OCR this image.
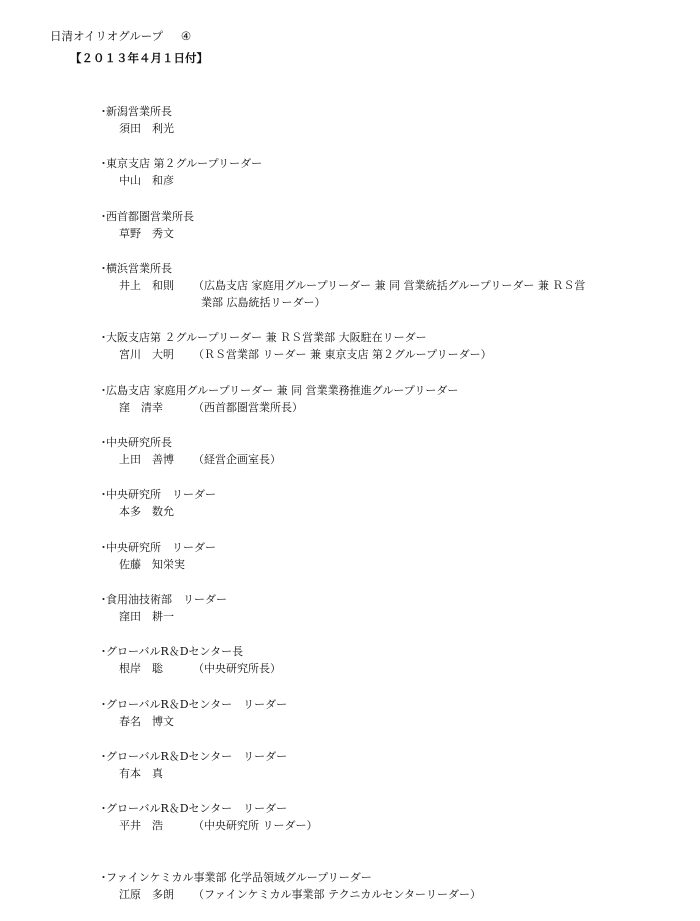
日清オイリオグループ ④
【２０１３年４月１日付】
・新潟営業所長
須田　利光
・東京支店 第２グループリーダー
中山　和彦
・西首都圏営業所長
草野　秀文
・横浜営業所長
井上　和則 （広島支店 家庭用グループリーダー 兼 同 営業統括グループリーダー 兼 ＲＳ営
業部 広島統括リーダー）
・大阪支店第 ２グループリーダー 兼 ＲＳ営業部 大阪駐在リーダー
宮川　大明 （ＲＳ営業部 リーダー 兼 東京支店 第２グループリーダー）
・広島支店 家庭用グループリーダー 兼 同 営業業務推進グループリーダー
窪　清幸	（西首都圏営業所長）
・中央研究所長
上田　善博 （経営企画室長）
・中央研究所　リーダー
本多　数允
・中央研究所　リーダー
佐藤　知栄実
・食用油技術部　リーダー
窪田　耕一
・グローバルR＆Dセンター長
根岸　聡	（中央研究所長）
・グローバルR＆Dセンター　リーダー
春名　博文
・グローバルR＆Dセンター　リーダー
有本　真
・グローバルR＆Dセンター　リーダー
平井　浩	（中央研究所 リーダー）
・ファインケミカル事業部 化学品領域グループリーダー
江原　多朗 （ファインケミカル事業部 テクニカルセンターリーダー）
